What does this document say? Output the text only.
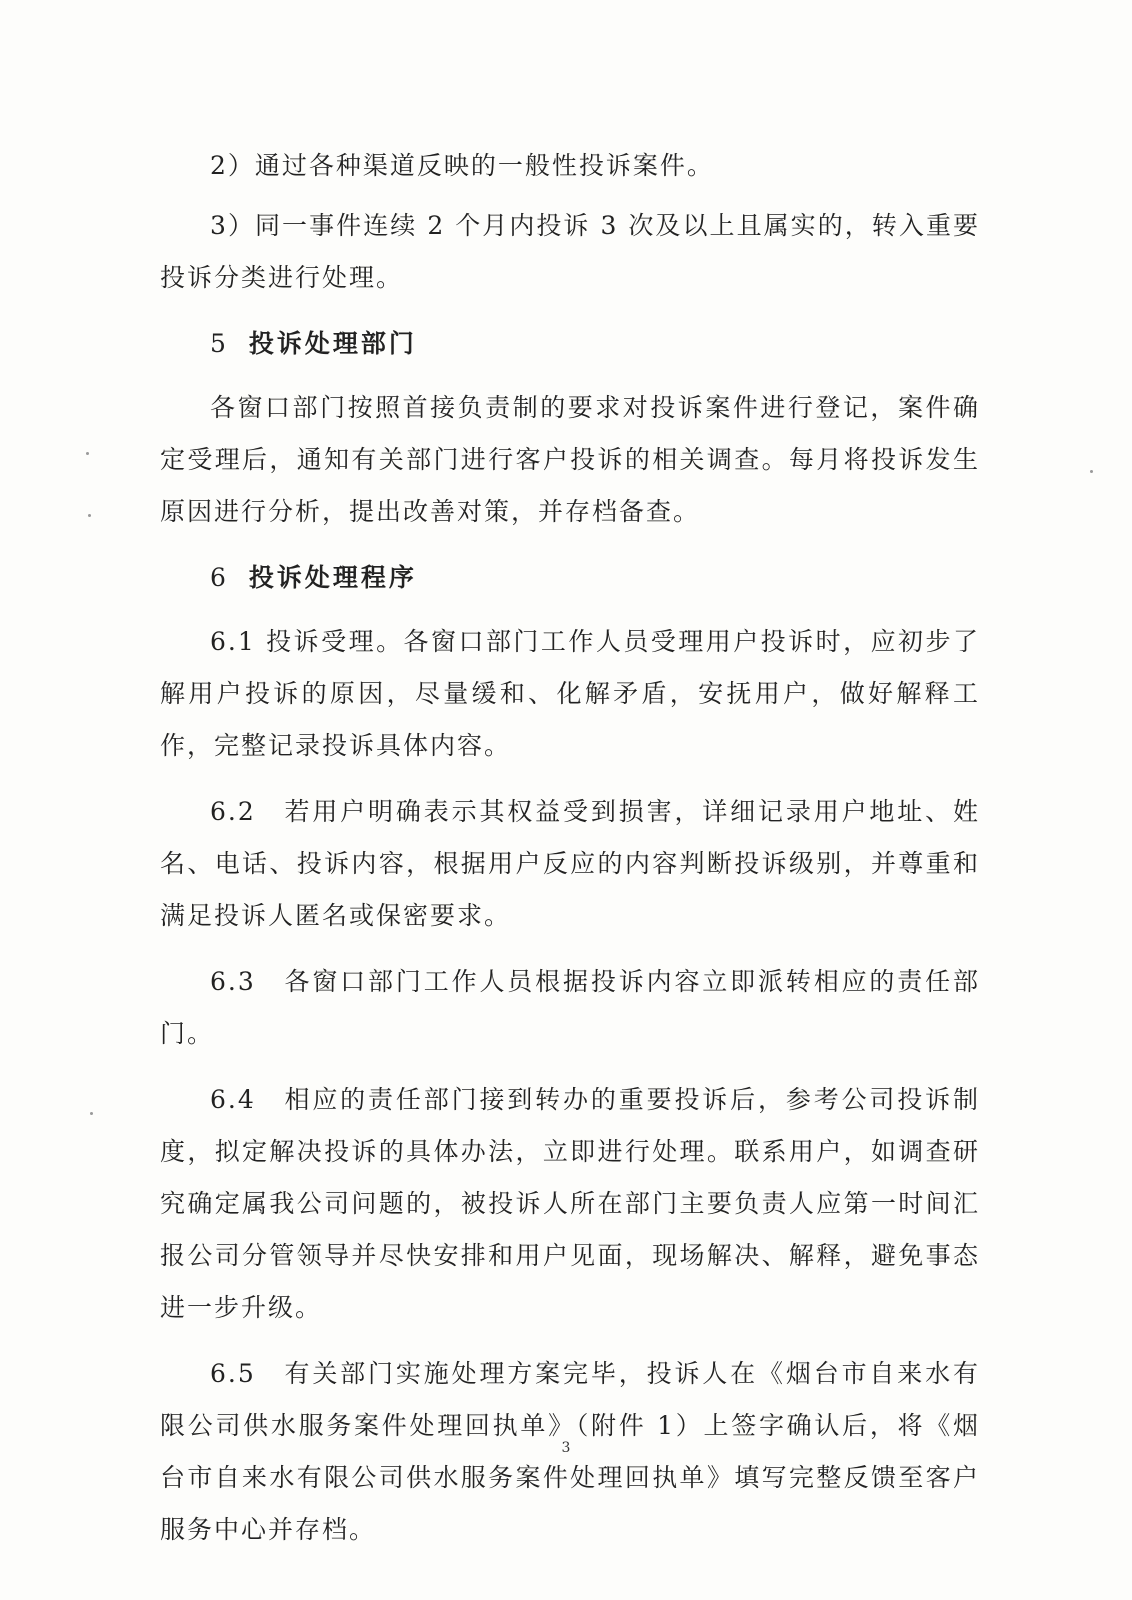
2）通过各种渠道反映的一般性投诉案件。

3）同一事件连续 2 个月内投诉 3 次及以上且属实的，转入重要投诉分类进行处理。

5 投诉处理部门

各窗口部门按照首接负责制的要求对投诉案件进行登记，案件确定受理后，通知有关部门进行客户投诉的相关调查。每月将投诉发生原因进行分析，提出改善对策，并存档备查。

6 投诉处理程序

6.1 投诉受理。各窗口部门工作人员受理用户投诉时，应初步了解用户投诉的原因，尽量缓和、化解矛盾，安抚用户，做好解释工作，完整记录投诉具体内容。

6.2　若用户明确表示其权益受到损害，详细记录用户地址、姓名、电话、投诉内容，根据用户反应的内容判断投诉级别，并尊重和满足投诉人匿名或保密要求。

6.3　各窗口部门工作人员根据投诉内容立即派转相应的责任部门。

6.4　相应的责任部门接到转办的重要投诉后，参考公司投诉制度，拟定解决投诉的具体办法，立即进行处理。联系用户，如调查研究确定属我公司问题的，被投诉人所在部门主要负责人应第一时间汇报公司分管领导并尽快安排和用户见面，现场解决、解释，避免事态进一步升级。

6.5　有关部门实施处理方案完毕，投诉人在《烟台市自来水有限公司供水服务案件处理回执单》（附件 1）上签字确认后，将《烟台市自来水有限公司供水服务案件处理回执单》填写完整反馈至客户服务中心并存档。

3
